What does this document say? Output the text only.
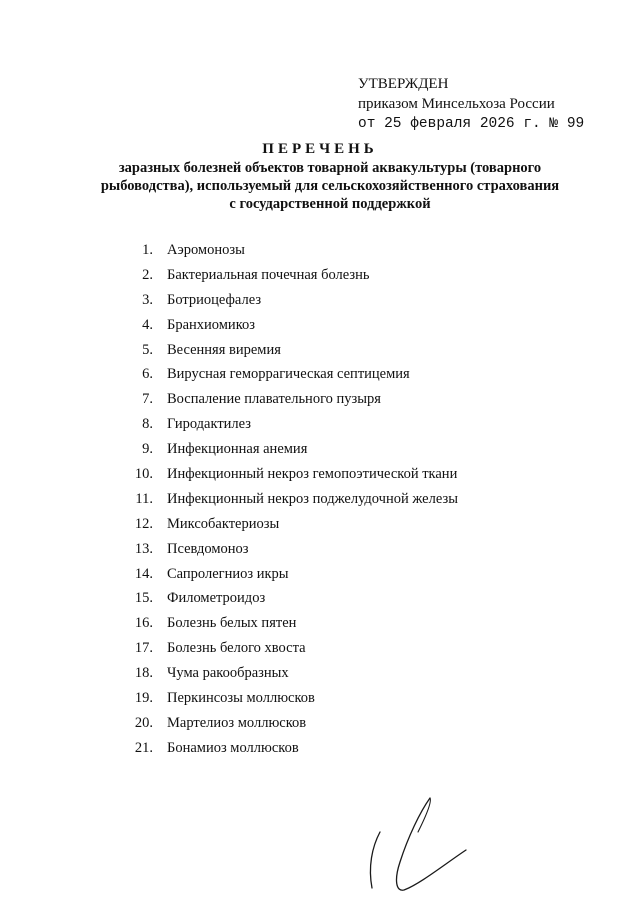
УТВЕРЖДЕН
приказом Минсельхоза России
от 25 февраля 2026 г. № 99
ПЕРЕЧЕНЬ
заразных болезней объектов товарной аквакультуры (товарного
рыбоводства), используемый для сельскохозяйственного страхования
с государственной поддержкой
1. Аэромонозы
2. Бактериальная почечная болезнь
3. Ботриоцефалез
4. Бранхиомикоз
5. Весенняя виремия
6. Вирусная геморрагическая септицемия
7. Воспаление плавательного пузыря
8. Гиродактилез
9. Инфекционная анемия
10. Инфекционный некроз гемопоэтической ткани
11. Инфекционный некроз поджелудочной железы
12. Миксобактериозы
13. Псевдомоноз
14. Сапролегниоз икры
15. Филометроидоз
16. Болезнь белых пятен
17. Болезнь белого хвоста
18. Чума ракообразных
19. Перкинсозы моллюсков
20. Мартелиоз моллюсков
21. Бонамиоз моллюсков
